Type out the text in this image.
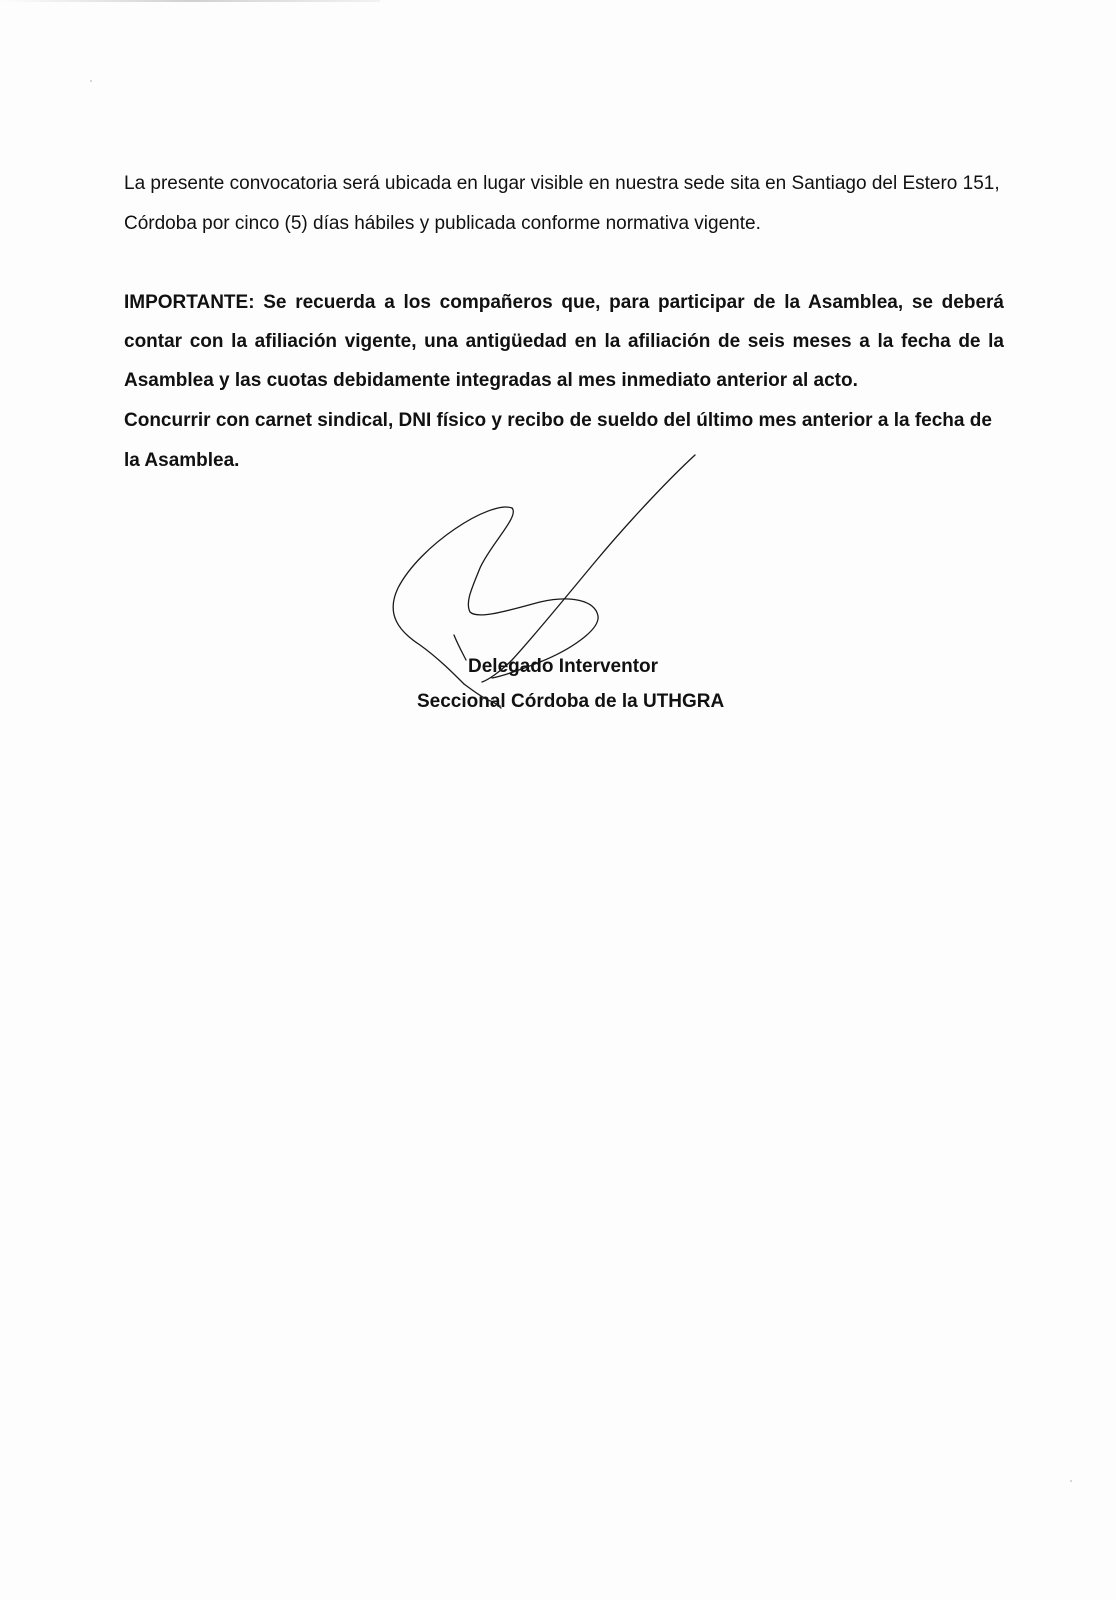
La presente convocatoria será ubicada en lugar visible en nuestra sede sita en Santiago del Estero 151, Córdoba por cinco (5) días hábiles y publicada conforme normativa vigente.

IMPORTANTE: Se recuerda a los compañeros que, para participar de la Asamblea, se deberá contar con la afiliación vigente, una antigüedad en la afiliación de seis meses a la fecha de la Asamblea y las cuotas debidamente integradas al mes inmediato anterior al acto.

Concurrir con carnet sindical, DNI físico y recibo de sueldo del último mes anterior a la fecha de la Asamblea.

Delegado Interventor
Seccional Córdoba de la UTHGRA
